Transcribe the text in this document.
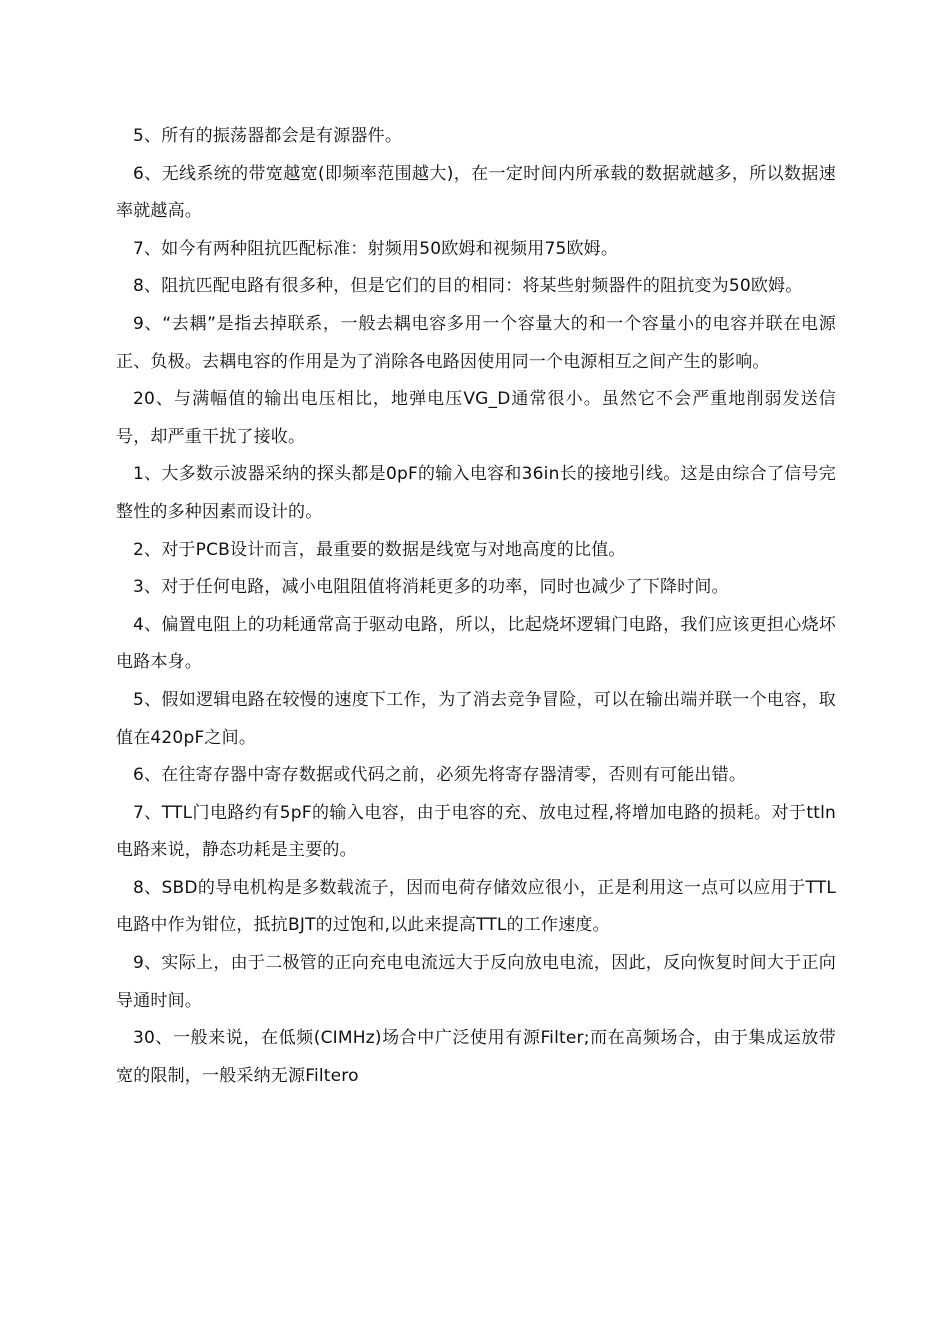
5、所有的振荡器都会是有源器件。

6、无线系统的带宽越宽(即频率范围越大)，在一定时间内所承载的数据就越多，所以数据速率就越高。

7、如今有两种阻抗匹配标准：射频用50欧姆和视频用75欧姆。

8、阻抗匹配电路有很多种，但是它们的目的相同：将某些射频器件的阻抗变为50欧姆。

9、“去耦”是指去掉联系，一般去耦电容多用一个容量大的和一个容量小的电容并联在电源正、负极。去耦电容的作用是为了消除各电路因使用同一个电源相互之间产生的影响。

20、与满幅值的输出电压相比，地弹电压VG_D通常很小。虽然它不会严重地削弱发送信号，却严重干扰了接收。

1、大多数示波器采纳的探头都是0pF的输入电容和36in长的接地引线。这是由综合了信号完整性的多种因素而设计的。

2、对于PCB设计而言，最重要的数据是线宽与对地高度的比值。

3、对于任何电路，减小电阻阻值将消耗更多的功率，同时也减少了下降时间。

4、偏置电阻上的功耗通常高于驱动电路，所以，比起烧坏逻辑门电路，我们应该更担心烧坏电路本身。

5、假如逻辑电路在较慢的速度下工作，为了消去竞争冒险，可以在输出端并联一个电容，取值在420pF之间。

6、在往寄存器中寄存数据或代码之前，必须先将寄存器清零，否则有可能出错。

7、TTL门电路约有5pF的输入电容，由于电容的充、放电过程,将增加电路的损耗。对于ttln电路来说，静态功耗是主要的。

8、SBD的导电机构是多数载流子，因而电荷存储效应很小，正是利用这一点可以应用于TTL电路中作为钳位，抵抗BJT的过饱和,以此来提高TTL的工作速度。

9、实际上，由于二极管的正向充电电流远大于反向放电电流，因此，反向恢复时间大于正向导通时间。

30、一般来说，在低频(CIMHz)场合中广泛使用有源Filter;而在高频场合，由于集成运放带宽的限制，一般采纳无源Filtero
